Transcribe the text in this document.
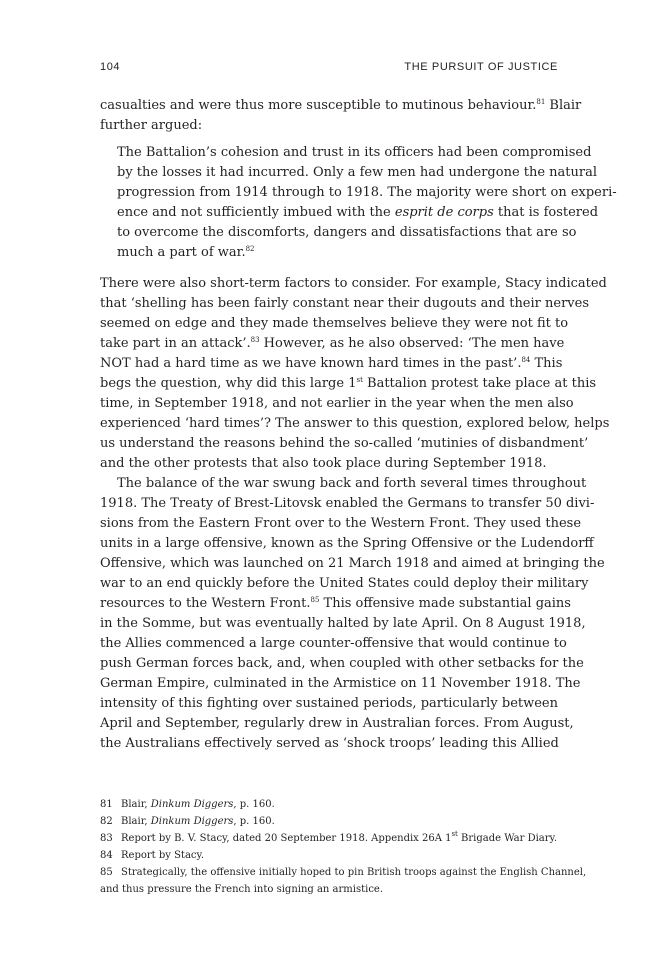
104	THE PURSUIT OF JUSTICE
casualties and were thus more susceptible to mutinous behaviour.$^{81}$ Blair
further argued:
The Battalion’s cohesion and trust in its officers had been compromised
by the losses it had incurred. Only a few men had undergone the natural
progression from 1914 through to 1918. The majority were short on experi-
ence and not sufficiently imbued with the esprit de corps that is fostered
to overcome the discomforts, dangers and dissatisfactions that are so
much a part of war.$^{82}$
There were also short-term factors to consider. For example, Stacy indicated
that ‘shelling has been fairly constant near their dugouts and their nerves
seemed on edge and they made themselves believe they were not fit to
take part in an attack’.$^{83}$ However, as he also observed: ‘The men have
NOT had a hard time as we have known hard times in the past’.$^{84}$ This
begs the question, why did this large 1st Battalion protest take place at this
time, in September 1918, and not earlier in the year when the men also
experienced ‘hard times’? The answer to this question, explored below, helps
us understand the reasons behind the so-called ‘mutinies of disbandment’
and the other protests that also took place during September 1918.
The balance of the war swung back and forth several times throughout
1918. The Treaty of Brest-Litovsk enabled the Germans to transfer 50 divi-
sions from the Eastern Front over to the Western Front. They used these
units in a large offensive, known as the Spring Offensive or the Ludendorff
Offensive, which was launched on 21 March 1918 and aimed at bringing the
war to an end quickly before the United States could deploy their military
resources to the Western Front.$^{85}$ This offensive made substantial gains
in the Somme, but was eventually halted by late April. On 8 August 1918,
the Allies commenced a large counter-offensive that would continue to
push German forces back, and, when coupled with other setbacks for the
German Empire, culminated in the Armistice on 11 November 1918. The
intensity of this fighting over sustained periods, particularly between
April and September, regularly drew in Australian forces. From August,
the Australians effectively served as ‘shock troops’ leading this Allied
81 Blair, Dinkum Diggers, p. 160.
82 Blair, Dinkum Diggers, p. 160.
83 Report by B. V. Stacy, dated 20 September 1918. Appendix 26A 1st Brigade War Diary.
84 Report by Stacy.
85 Strategically, the offensive initially hoped to pin British troops against the English Channel,
and thus pressure the French into signing an armistice.
